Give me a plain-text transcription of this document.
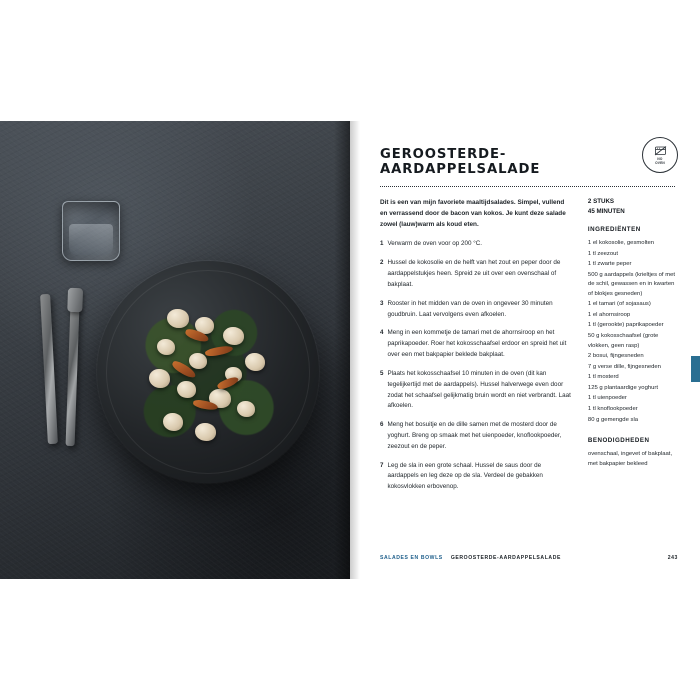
NO
OVEN
GEROOSTERDE-AARDAPPELSALADE

Dit is een van mijn favoriete maaltijdsalades. Simpel, vullend en verrassend door de bacon van kokos. Je kunt deze salade zowel (lauw)warm als koud eten.

1 Verwarm de oven voor op 200 °C.
2 Hussel de kokosolie en de helft van het zout en peper door de aardappelstukjes heen. Spreid ze uit over een ovenschaal of bakplaat.
3 Rooster in het midden van de oven in ongeveer 30 minuten goudbruin. Laat vervolgens even afkoelen.
4 Meng in een kommetje de tamari met de ahornsiroop en het paprikapoeder. Roer het kokosschaafsel erdoor en spreid het uit over een met bakpapier beklede bakplaat.
5 Plaats het kokosschaafsel 10 minuten in de oven (dit kan tegelijkertijd met de aardappels). Hussel halverwege even door zodat het schaafsel gelijkmatig bruin wordt en niet verbrandt. Laat afkoelen.
6 Meng het bosuitje en de dille samen met de mosterd door de yoghurt. Breng op smaak met het uienpoeder, knoflookpoeder, zeezout en de peper.
7 Leg de sla in een grote schaal. Hussel de saus door de aardappels en leg deze op de sla. Verdeel de gebakken kokosvlokken erbovenop.
2 STUKS
45 MINUTEN
INGREDIËNTEN
1 el kokosolie, gesmolten
1 tl zeezout
1 tl zwarte peper
500 g aardappels (krieltjes of met de schil, gewassen en in kwarten of blokjes gesneden)
1 el tamari (of sojasaus)
1 el ahornsiroop
1 tl (gerookte) paprikapoeder
50 g kokosschaafsel (grote vlokken, geen rasp)
2 bosui, fijngesneden
7 g verse dille, fijngesneden
1 tl mosterd
125 g plantaardige yoghurt
1 tl uienpoeder
1 tl knoflookpoeder
80 g gemengde sla
BENODIGDHEDEN
ovenschaal, ingevet of bakplaat, met bakpapier bekleed
SALADES EN BOWLS GEROOSTERDE-AARDAPPELSALADE	243
